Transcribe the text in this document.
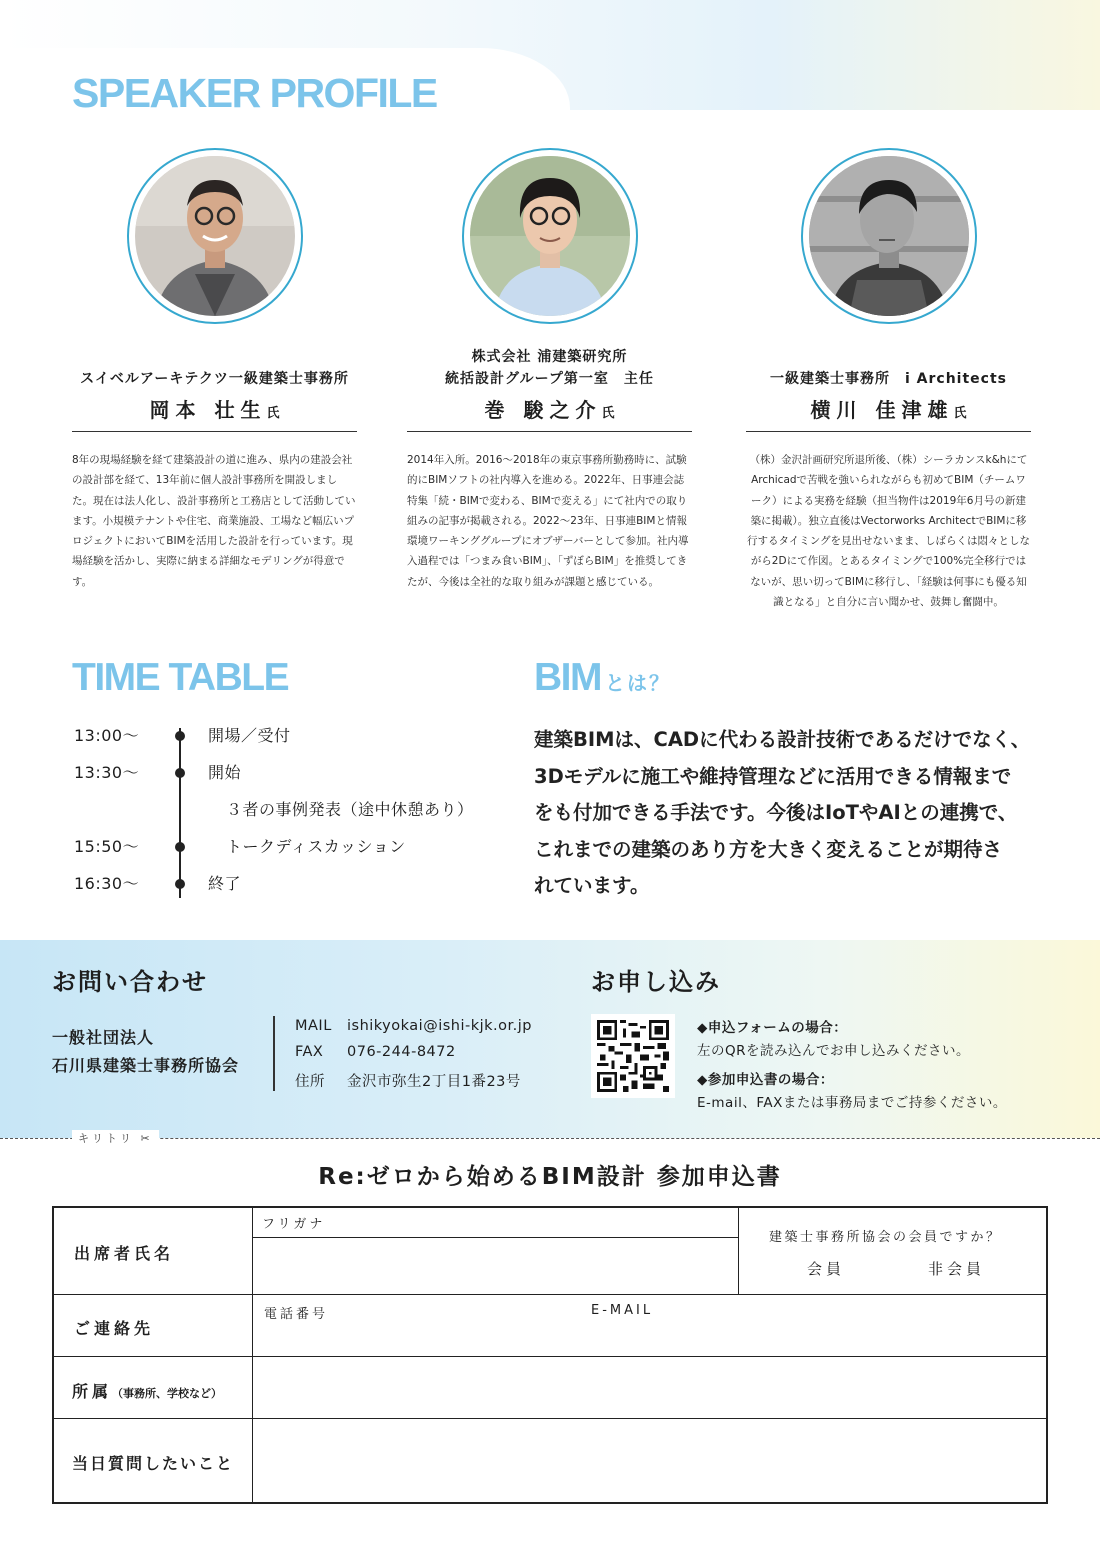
SPEAKER PROFILE
スイベルアーキテクツ一級建築士事務所
岡本 壮生氏
8年の現場経験を経て建築設計の道に進み、県内の建設会社の設計部を経て、13年前に個人設計事務所を開設しました。現在は法人化し、設計事務所と工務店として活動しています。小規模テナントや住宅、商業施設、工場など幅広いプロジェクトにおいてBIMを活用した設計を行っています。現場経験を活かし、実際に納まる詳細なモデリングが得意です。
株式会社 浦建築研究所
統括設計グループ第一室　主任
巻 駿之介氏
2014年入所。2016〜2018年の東京事務所勤務時に、試験的にBIMソフトの社内導入を進める。2022年、日事連会誌特集「続・BIMで変わる、BIMで変える」にて社内での取り組みの記事が掲載される。2022〜23年、日事連BIMと情報環境ワーキンググループにオブザーバーとして参加。社内導入過程では「つまみ食いBIM」、「ずぼらBIM」を推奨してきたが、今後は全社的な取り組みが課題と感じている。
一級建築士事務所　i Architects
横川 佳津雄氏
（株）金沢計画研究所退所後、（株）シーラカンスk&hにてArchicadで苦戦を強いられながらも初めてBIM（チームワーク）による実務を経験（担当物件は2019年6月号の新建築に掲載）。独立直後はVectorworks ArchitectでBIMに移行するタイミングを見出せないまま、しばらくは悶々としながら2Dにて作図。とあるタイミングで100%完全移行ではないが、思い切ってBIMに移行し、「経験は何事にも優る知識となる」と自分に言い聞かせ、鼓舞し奮闘中。
TIME TABLE
13:00〜	開場／受付
13:30〜	開始
３者の事例発表（途中休憩あり）
15:50〜	トークディスカッション
16:30〜	終了
BIM とは？
建築BIMは、CADに代わる設計技術であるだけでなく、
3Dモデルに施工や維持管理などに活用できる情報まで
をも付加できる手法です。今後はIoTやAIとの連携で、
これまでの建築のあり方を大きく変えることが期待さ
れています。
お問い合わせ
一般社団法人
石川県建築士事務所協会
MAIL ishikyokai@ishi-kjk.or.jp
FAX 076-244-8472
住所 金沢市弥生2丁目1番23号
お申し込み
◆申込フォームの場合：
左のQRを読み込んでお申し込みください。
◆参加申込書の場合：
E-mail、FAXまたは事務局までご持参ください。
キリトリ ✂
Re:ゼロから始めるBIM設計 参加申込書
出席者氏名
フリガナ
建築士事務所協会の会員ですか？
会員	非会員
ご連絡先
電話番号	E-MAIL
所属（事務所、学校など）
当日質問したいこと
